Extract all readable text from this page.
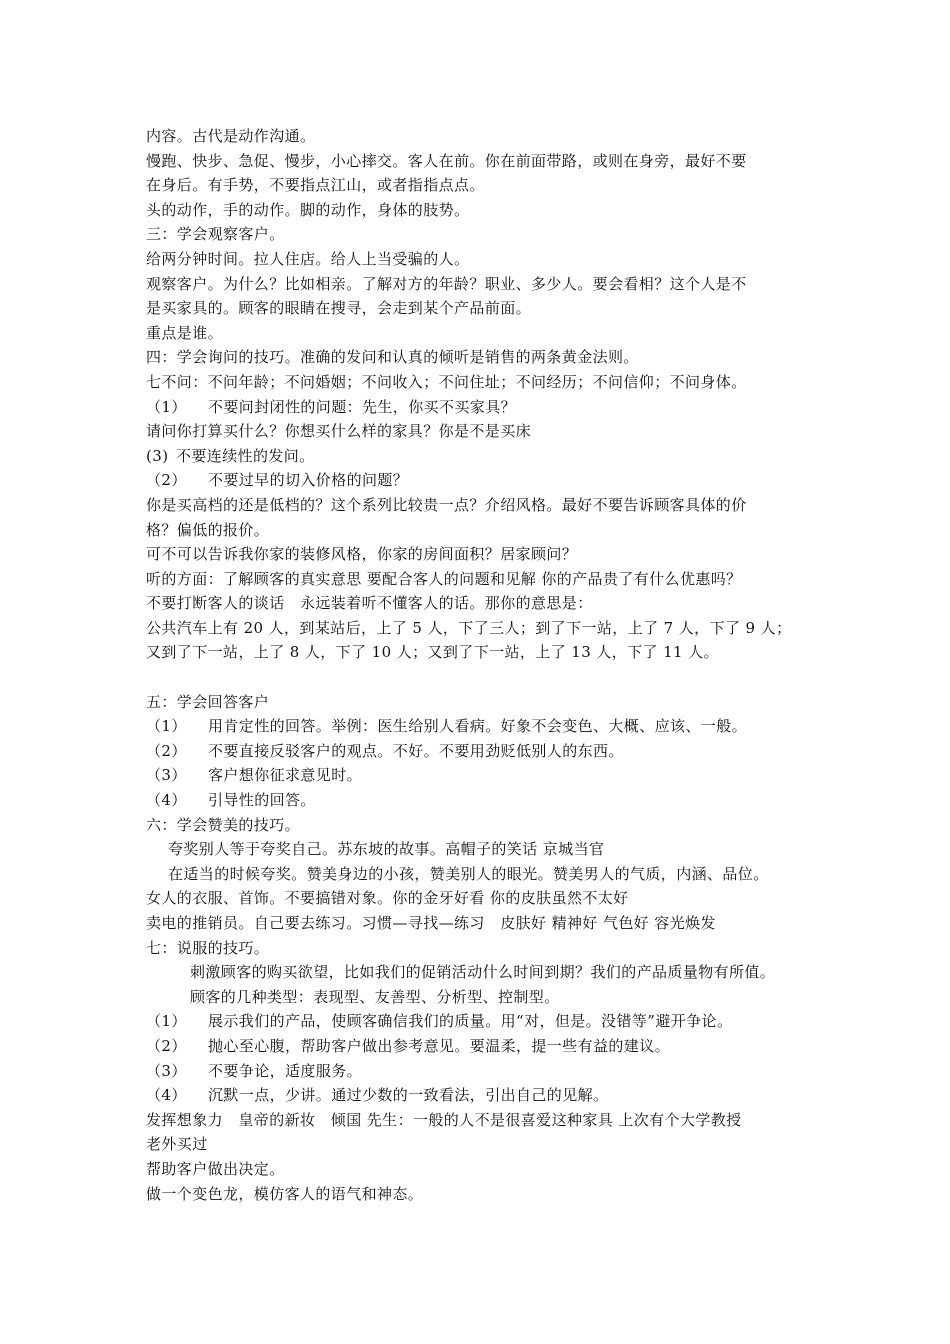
内容。古代是动作沟通。
慢跑、快步、急促、慢步，小心摔交。客人在前。你在前面带路，或则在身旁，最好不要
在身后。有手势，不要指点江山，或者指指点点。
头的动作，手的动作。脚的动作，身体的肢势。
三：学会观察客户。
给两分钟时间。拉人住店。给人上当受骗的人。
观察客户。为什么？比如相亲。了解对方的年龄？职业、多少人。要会看相？这个人是不
是买家具的。顾客的眼睛在搜寻，会走到某个产品前面。
重点是谁。
四：学会询问的技巧。准确的发问和认真的倾听是销售的两条黄金法则。
七不问：不问年龄；不问婚姻；不问收入；不问住址；不问经历；不问信仰；不问身体。
（1） 不要问封闭性的问题：先生，你买不买家具？
请问你打算买什么？你想买什么样的家具？你是不是买床
(3) 不要连续性的发问。
（2） 不要过早的切入价格的问题？
你是买高档的还是低档的？这个系列比较贵一点？介绍风格。最好不要告诉顾客具体的价
格？偏低的报价。
可不可以告诉我你家的装修风格，你家的房间面积？居家顾问？
听的方面：了解顾客的真实意思 要配合客人的问题和见解 你的产品贵了有什么优惠吗？
不要打断客人的谈话　永远装着听不懂客人的话。那你的意思是：
公共汽车上有 20 人，到某站后，上了 5 人，下了三人；到了下一站，上了 7 人，下了 9 人；
又到了下一站，上了 8 人，下了 10 人；又到了下一站，上了 13 人，下了 11 人。
五：学会回答客户
（1） 用肯定性的回答。举例：医生给别人看病。好象不会变色、大概、应该、一般。
（2） 不要直接反驳客户的观点。不好。不要用劲贬低别人的东西。
（3） 客户想你征求意见时。
（4） 引导性的回答。
六：学会赞美的技巧。
夸奖别人等于夸奖自己。苏东坡的故事。高帽子的笑话 京城当官
在适当的时候夸奖。赞美身边的小孩，赞美别人的眼光。赞美男人的气质，内涵、品位。
女人的衣服、首饰。不要搞错对象。你的金牙好看 你的皮肤虽然不太好
卖电的推销员。自己要去练习。习惯—寻找—练习　皮肤好 精神好 气色好 容光焕发
七：说服的技巧。
刺激顾客的购买欲望，比如我们的促销活动什么时间到期？我们的产品质量物有所值。
顾客的几种类型：表现型、友善型、分析型、控制型。
（1） 展示我们的产品，使顾客确信我们的质量。用“对，但是。没错等”避开争论。
（2） 抛心至心腹，帮助客户做出参考意见。要温柔，提一些有益的建议。
（3） 不要争论，适度服务。
（4） 沉默一点，少讲。通过少数的一致看法，引出自己的见解。
发挥想象力　皇帝的新妆　倾国 先生：一般的人不是很喜爱这种家具 上次有个大学教授
老外买过
帮助客户做出决定。
做一个变色龙，模仿客人的语气和神态。
